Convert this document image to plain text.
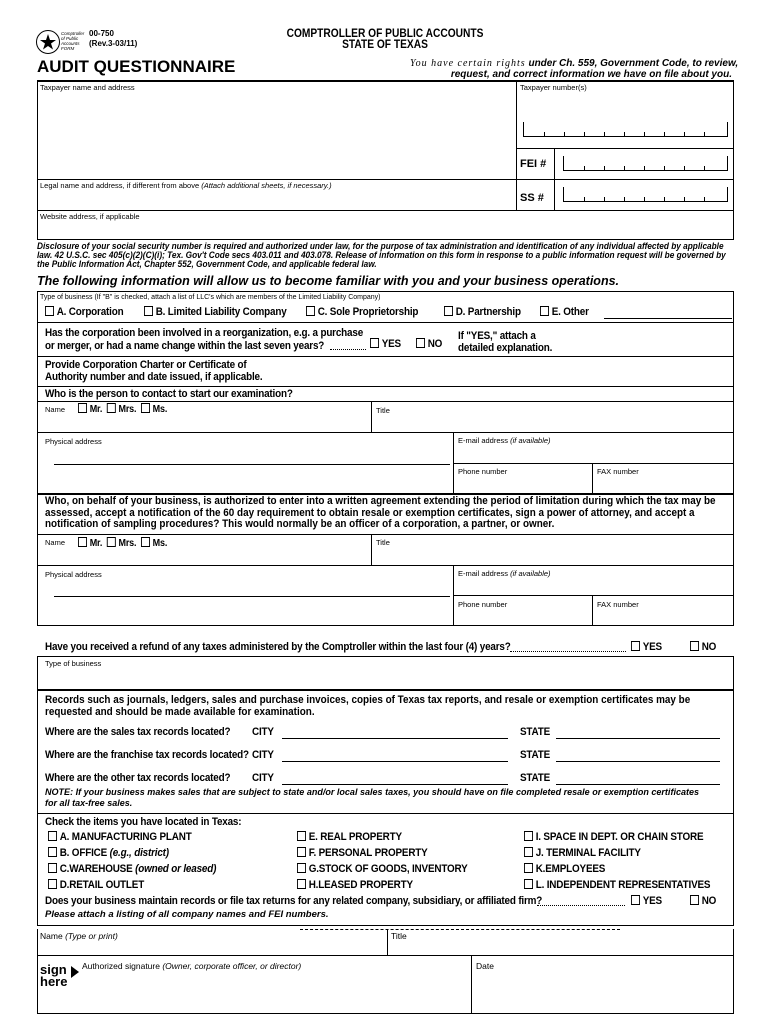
Comptroller of Public Accounts FORM
00-750
(Rev.3-03/11)
COMPTROLLER OF PUBLIC ACCOUNTS
STATE OF TEXAS
AUDIT QUESTIONNAIRE	You have certain rights under Ch. 559, Government Code, to review,
request, and correct information we have on file about you.
Taxpayer name and address	Taxpayer number(s)
FEI #
Legal name and address, if different from above (Attach additional sheets, if necessary.)
SS #
Website address, if applicable
Disclosure of your social security number is required and authorized under law, for the purpose of tax administration and identification of any individual affected by applicable law. 42 U.S.C. sec 405(c)(2)(C)(i); Tex. Gov't Code secs 403.011 and 403.078. Release of information on this form in response to a public information request will be governed by the Public Information Act, Chapter 552, Government Code, and applicable federal law.
The following information will allow us to become familiar with you and your business operations.
Type of business (If "B" is checked, attach a list of LLC's which are members of the Limited Liability Company)
A. Corporation	B. Limited Liability Company	C. Sole Proprietorship	D. Partnership	E. Other
Has the corporation been involved in a reorganization, e.g. a purchase
or merger, or had a name change within the last seven years?	YES	NO
If "YES," attach a
detailed explanation.
Provide Corporation Charter or Certificate of
Authority number and date issued, if applicable.
Who is the person to contact to start our examination?
Name	Mr. Mrs. Ms.	Title
Physical address	E-mail address (if available)
Phone number	FAX number
Who, on behalf of your business, is authorized to enter into a written agreement extending the period of limitation during which the tax may be assessed, accept a notification of the 60 day requirement to obtain resale or exemption certificates, sign a power of attorney, and accept a notification of sampling procedures? This would normally be an officer of a corporation, a partner, or owner.
Name	Mr. Mrs. Ms.	Title
Physical address	E-mail address (if available)
Phone number	FAX number
Have you received a refund of any taxes administered by the Comptroller within the last four (4) years?	YES	NO
Type of business
Records such as journals, ledgers, sales and purchase invoices, copies of Texas tax reports, and resale or exemption certificates may be requested and should be made available for examination.
Where are the sales tax records located? CITY	STATE
Where are the franchise tax records located? CITY	STATE
Where are the other tax records located? CITY	STATE
NOTE: If your business makes sales that are subject to state and/or local sales taxes, you should have on file completed resale or exemption certificates for all tax-free sales.
Check the items you have located in Texas:
A. MANUFACTURING PLANT
B. OFFICE (e.g., district)
C.WAREHOUSE (owned or leased)
D.RETAIL OUTLET
E. REAL PROPERTY
F. PERSONAL PROPERTY
G.STOCK OF GOODS, INVENTORY
H.LEASED PROPERTY
I. SPACE IN DEPT. OR CHAIN STORE
J. TERMINAL FACILITY
K.EMPLOYEES
L. INDEPENDENT REPRESENTATIVES
Does your business maintain records or file tax returns for any related company, subsidiary, or affiliated firm?	YES	NO
Please attach a listing of all company names and FEI numbers.
Name (Type or print)	Title
sign
here
Authorized signature (Owner, corporate officer, or director)	Date
